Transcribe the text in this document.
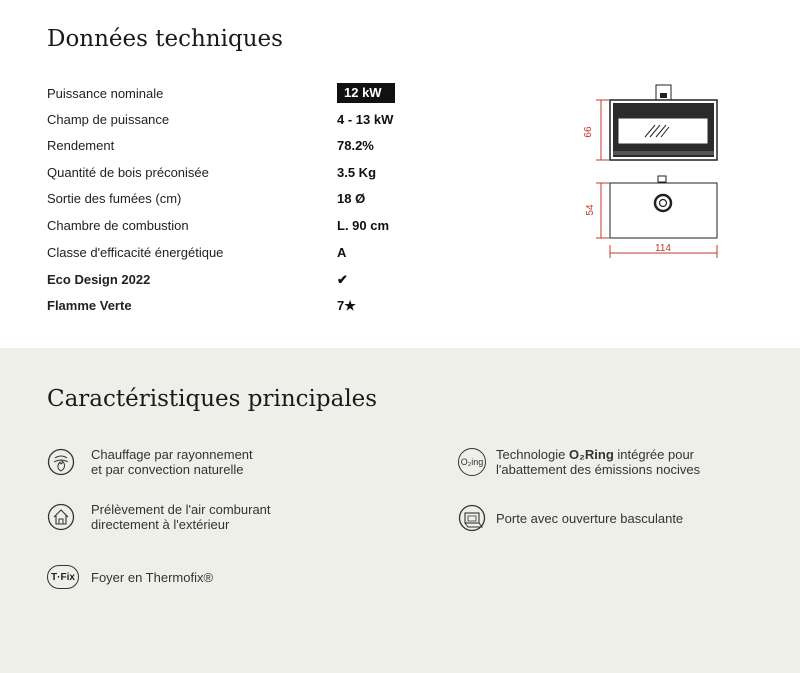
Données techniques
Puissance nominale	12 kW
Champ de puissance	4 - 13 kW
Rendement	78.2%
Quantité de bois préconisée	3.5 Kg
Sortie des fumées (cm)	18 Ø
Chambre de combustion	L. 90 cm
Classe d'efficacité énergétique	A
Eco Design 2022	✔
Flamme Verte	7★
66
54
114
Caractéristiques principales
Chauffage par rayonnement
et par convection naturelle
Prélèvement de l'air comburant
directement à l'extérieur
T·Fix	Foyer en Thermofix®
O₂ing Technologie O₂Ring intégrée pour
l'abattement des émissions nocives
Porte avec ouverture basculante
